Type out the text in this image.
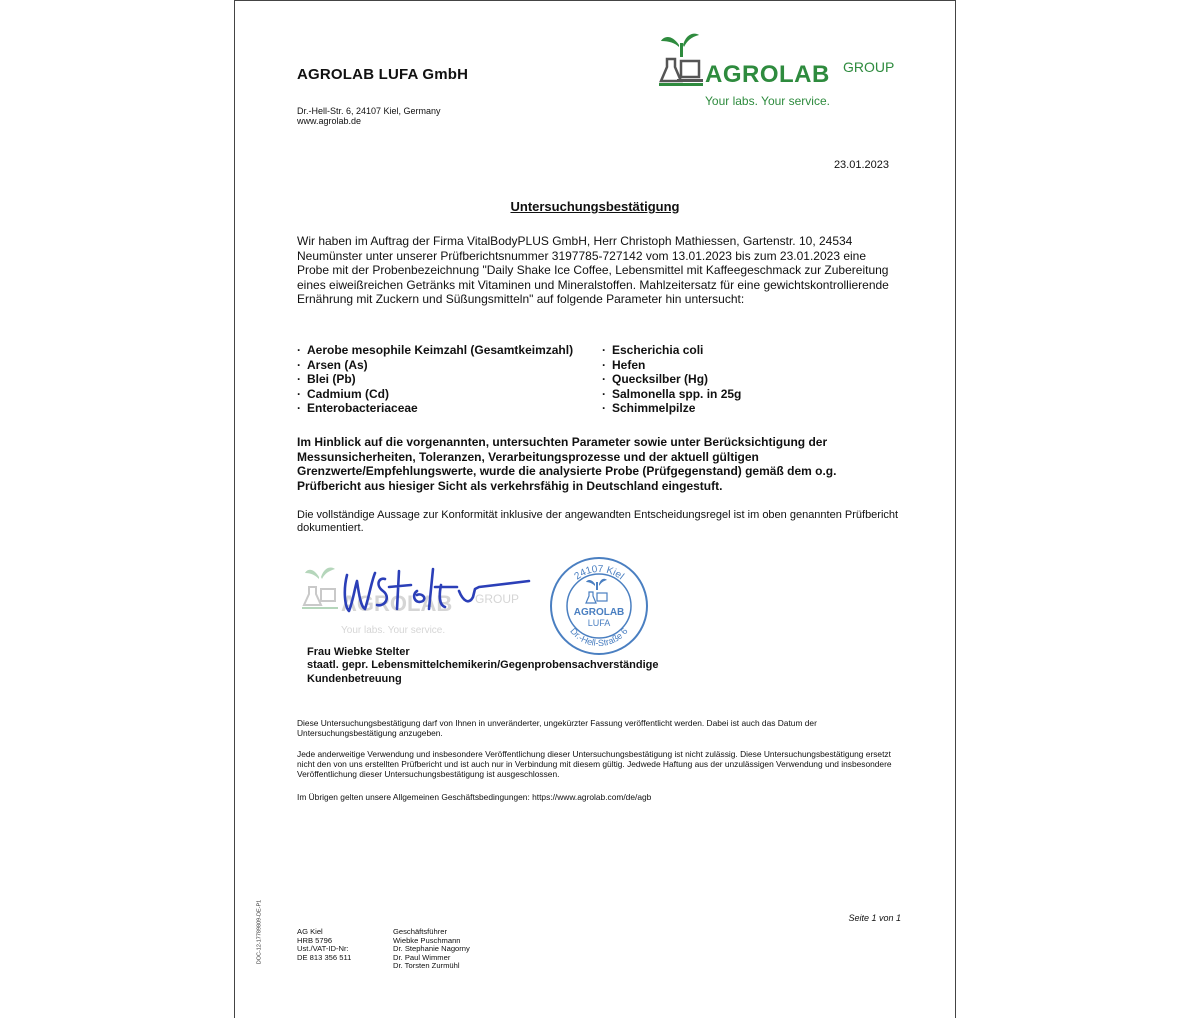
AGROLAB LUFA GmbH
Dr.-Hell-Str. 6, 24107 Kiel, Germany
www.agrolab.de
AGROLAB GROUP
Your labs. Your service.
23.01.2023
Untersuchungsbestätigung
Wir haben im Auftrag der Firma VitalBodyPLUS GmbH, Herr Christoph Mathiessen, Gartenstr. 10, 24534 Neumünster unter unserer Prüfberichtsnummer 3197785-727142 vom 13.01.2023 bis zum 23.01.2023 eine Probe mit der Probenbezeichnung "Daily Shake Ice Coffee, Lebensmittel mit Kaffeegeschmack zur Zubereitung eines eiweißreichen Getränks mit Vitaminen und Mineralstoffen. Mahlzeitersatz für eine gewichtskontrollierende Ernährung mit Zuckern und Süßungsmitteln" auf folgende Parameter hin untersucht:
· Aerobe mesophile Keimzahl (Gesamtkeimzahl)
· Arsen (As)
· Blei (Pb)
· Cadmium (Cd)
· Enterobacteriaceae
· Escherichia coli
· Hefen
· Quecksilber (Hg)
· Salmonella spp. in 25g
· Schimmelpilze
Im Hinblick auf die vorgenannten, untersuchten Parameter sowie unter Berücksichtigung der Messunsicherheiten, Toleranzen, Verarbeitungsprozesse und der aktuell gültigen Grenzwerte/Empfehlungswerte, wurde die analysierte Probe (Prüfgegenstand) gemäß dem o.g. Prüfbericht aus hiesiger Sicht als verkehrsfähig in Deutschland eingestuft.
Die vollständige Aussage zur Konformität inklusive der angewandten Entscheidungsregel ist im oben genannten Prüfbericht dokumentiert.
AGROLAB GROUP
Your labs. Your service.
24107 Kiel
Dr.-Hell-Straße 6
AGROLAB
LUFA
Frau Wiebke Stelter
staatl. gepr. Lebensmittelchemikerin/Gegenprobensachverständige
Kundenbetreuung
Diese Untersuchungsbestätigung darf von Ihnen in unveränderter, ungekürzter Fassung veröffentlicht werden. Dabei ist auch das Datum der Untersuchungsbestätigung anzugeben.
Jede anderweitige Verwendung und insbesondere Veröffentlichung dieser Untersuchungsbestätigung ist nicht zulässig. Diese Untersuchungsbestätigung ersetzt nicht den von uns erstellten Prüfbericht und ist auch nur in Verbindung mit diesem gültig. Jedwede Haftung aus der unzulässigen Verwendung und insbesondere Veröffentlichung dieser Untersuchungsbestätigung ist ausgeschlossen.
Im Übrigen gelten unsere Allgemeinen Geschäftsbedingungen: https://www.agrolab.com/de/agb
DOC-12-17789809-DE-P1	Seite 1 von 1
AG Kiel
HRB 5796
Ust./VAT-ID-Nr:
DE 813 356 511
Geschäftsführer
Wiebke Puschmann
Dr. Stephanie Nagorny
Dr. Paul Wimmer
Dr. Torsten Zurmühl
